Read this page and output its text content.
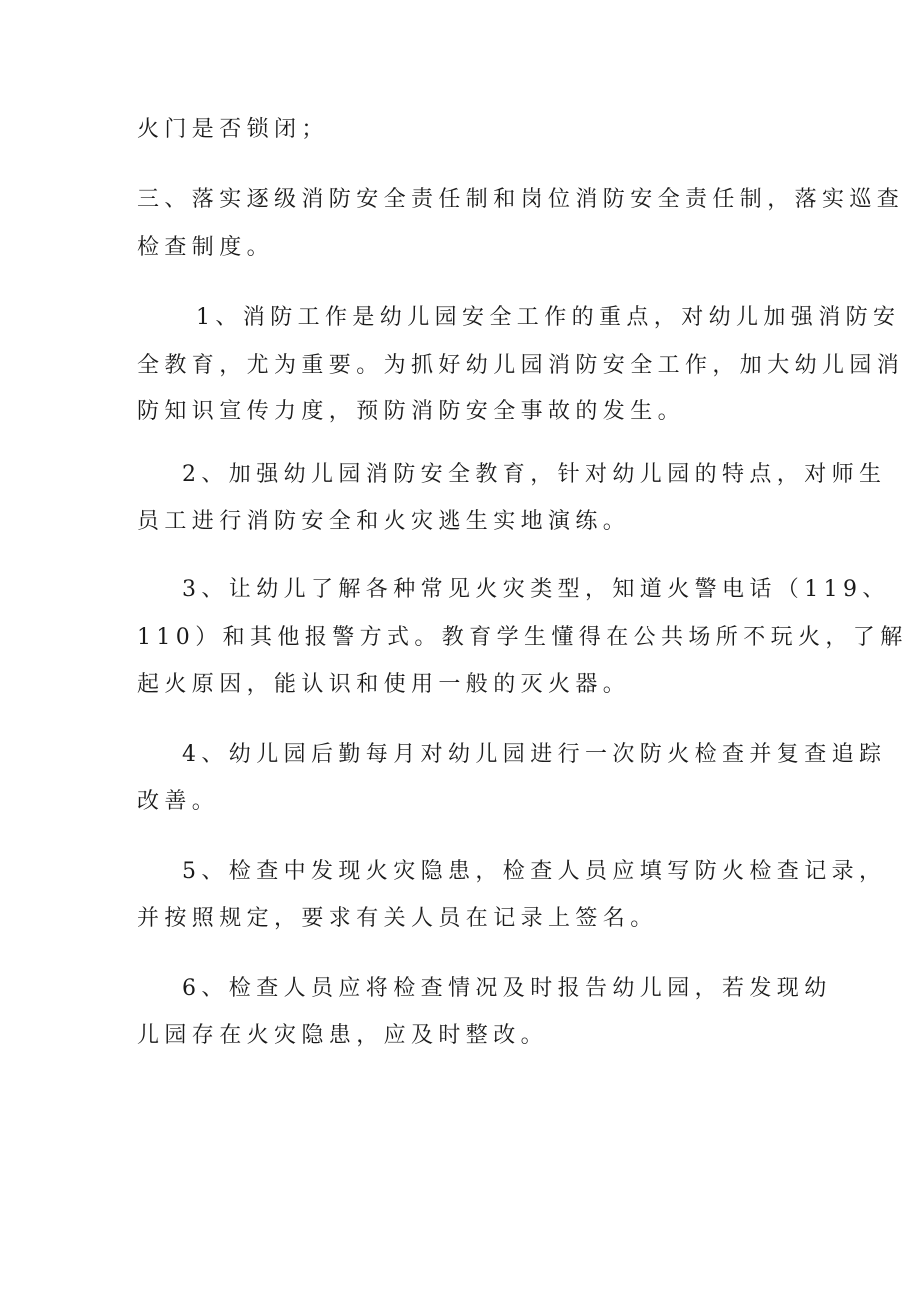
火门是否锁闭；
三、落实逐级消防安全责任制和岗位消防安全责任制，落实巡查
检查制度。
1、消防工作是幼儿园安全工作的重点，对幼儿加强消防安
全教育，尤为重要。为抓好幼儿园消防安全工作，加大幼儿园消
防知识宣传力度，预防消防安全事故的发生。
2、加强幼儿园消防安全教育，针对幼儿园的特点，对师生
员工进行消防安全和火灾逃生实地演练。
3、让幼儿了解各种常见火灾类型，知道火警电话（119、
110）和其他报警方式。教育学生懂得在公共场所不玩火，了解
起火原因，能认识和使用一般的灭火器。
4、幼儿园后勤每月对幼儿园进行一次防火检查并复查追踪
改善。
5、检查中发现火灾隐患，检查人员应填写防火检查记录，
并按照规定，要求有关人员在记录上签名。
6、检查人员应将检查情况及时报告幼儿园，若发现幼
儿园存在火灾隐患，应及时整改。
